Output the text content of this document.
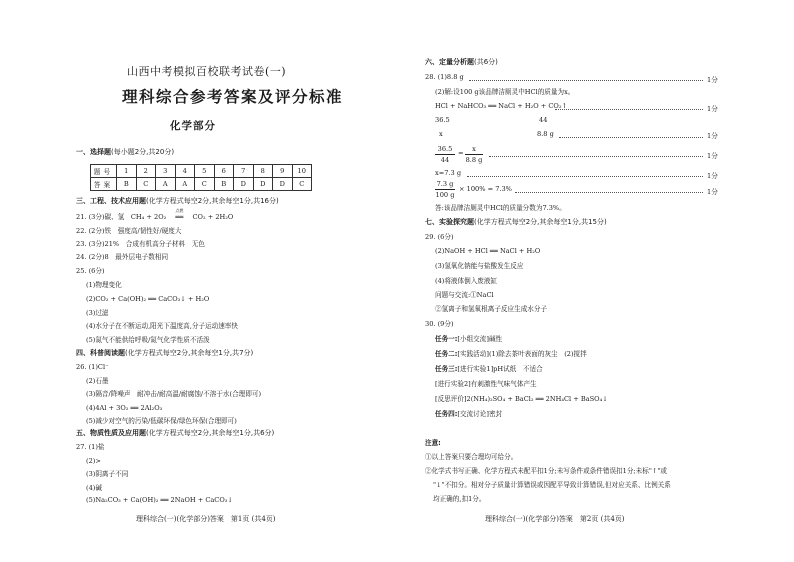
山西中考模拟百校联考试卷(一)
理科综合参考答案及评分标准
化学部分
一、选择题(每小题2分,共20分)
题号	1	2	3	4	5	6	7	8	9	10
答案	B	C	A	A	C	B	D	D	D	C
三、工程、技术应用题(化学方程式每空2分,其余每空1分,共16分)
21. (3分)碳、氢　CH₄ + 2O₂
点燃
══ CO₂ + 2H₂O
22. (2分)铁　强度高/韧性好/硬度大
23. (3分)21%　合成有机高分子材料　无色
24. (2分)8　最外层电子数相同
25. (6分)
(1)物理变化
(2)CO₂ + Ca(OH)₂ ══ CaCO₃↓ + H₂O
(3)过滤
(4)水分子在不断运动,阳光下温度高,分子运动速率快
(5)氮气不能供给呼吸/氮气化学性质不活泼
四、科普阅读题(化学方程式每空2分,其余每空1分,共7分)
26. (1)Cl⁻
(2)石墨
(3)隔音/降噪声　耐冲击/耐高温/耐腐蚀/不溶于水(合理即可)
(4)4Al + 3O₂ ══ 2Al₂O₃
(5)减少对空气的污染/低碳环保/绿色环保(合理即可)
五、物质性质及应用题(化学方程式每空2分,其余每空1分,共6分)
27. (1)盐
(2)>
(3)阴离子不同
(4)碱
(5)Na₂CO₃ + Ca(OH)₂ ══ 2NaOH + CaCO₃↓
理科综合(一)(化学部分)答案　第1页 (共4页)
六、定量分析题(共6分)
28. (1)8.8 g	1分
(2)解:设100 g该品牌洁厕灵中HCl的质量为x。
HCl + NaHCO₃ ══ NaCl + H₂O + CO₂↑	1分
36.5	44
x	8.8 g	1分
36.5
44
=	x
8.8 g	1分
x=7.3 g	1分
7.3 g
100 g
× 100% = 7.3%	1分
答:该品牌洁厕灵中HCl的质量分数为7.3%。
七、实验探究题(化学方程式每空2分,其余每空1分,共15分)
29. (6分)
(2)NaOH + HCl ══ NaCl + H₂O
(3)氢氧化钠能与盐酸发生反应
(4)将液体倒入废液缸
问题与交流:①NaCl
②氢离子和氢氧根离子反应生成水分子
30. (9分)
任务一:[小组交流]碱性
任务二:[实践活动](1)除去茶叶表面的灰尘　(2)搅拌
任务三:[进行实验1]pH试纸　不适合
[进行实验2]有刺激性气味气体产生
[反思评价]2(NH₄)₂SO₄ + BaCl₂ ══ 2NH₄Cl + BaSO₄↓
任务四:[交流讨论]密封
注意:
①以上答案只要合理均可给分。
②化学式书写正确、化学方程式未配平扣1分;未写条件或条件错误扣1分;未标"↑"或
"↓"不扣分。相对分子质量计算错误或因配平导致计算错误,但对应关系、比例关系
均正确的,扣1分。
理科综合(一)(化学部分)答案　第2页 (共4页)
